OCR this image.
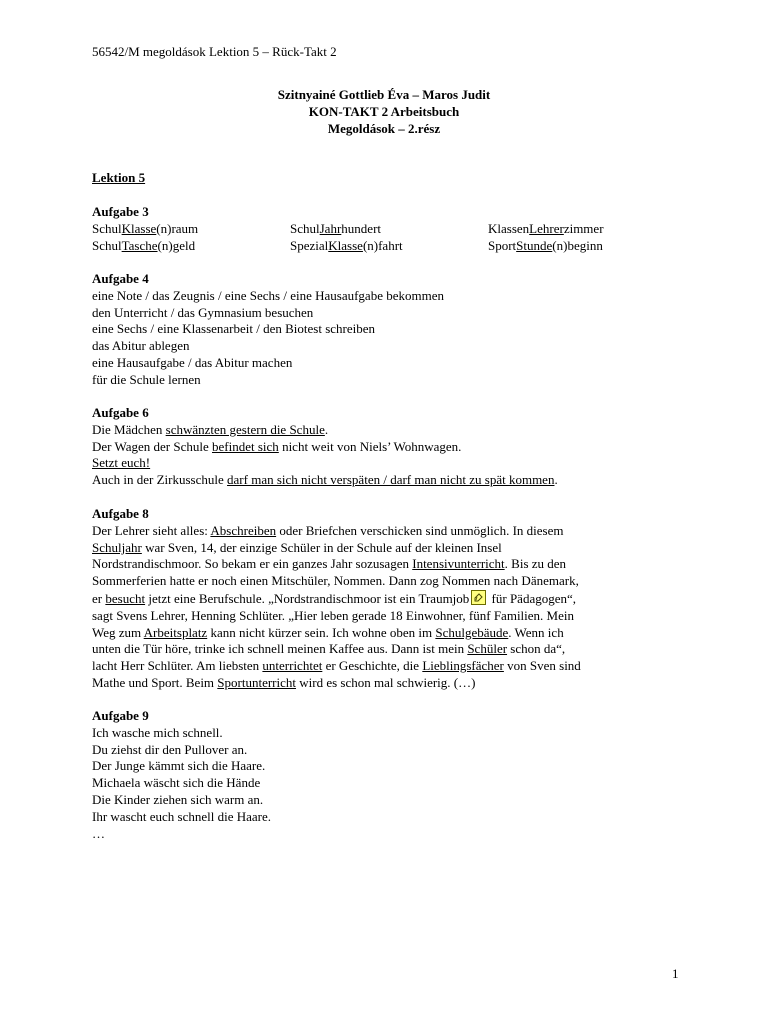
56542/M megoldások Lektion 5 – Rück-Takt 2
Szitnyainé Gottlieb Éva – Maros Judit
KON-TAKT 2 Arbeitsbuch
Megoldások – 2.rész
Lektion 5
Aufgabe 3
SchulKlasse(n)raum	SchulJahrhundert	KlassenLehrerzimmer
SchulTasche(n)geld	SpezialKlasse(n)fahrt	SportStunde(n)beginn
Aufgabe 4

eine Note / das Zeugnis / eine Sechs / eine Hausaufgabe bekommen

den Unterricht / das Gymnasium besuchen

eine Sechs / eine Klassenarbeit / den Biotest schreiben

das Abitur ablegen

eine Hausaufgabe / das Abitur machen

für die Schule lernen

Aufgabe 6

Die Mädchen schwänzten gestern die Schule.

Der Wagen der Schule befindet sich nicht weit von Niels’ Wohnwagen.

Setzt euch!

Auch in der Zirkusschule darf man sich nicht verspäten / darf man nicht zu spät kommen.

Aufgabe 8

Der Lehrer sieht alles: Abschreiben oder Briefchen verschicken sind unmöglich. In diesem

Schuljahr war Sven, 14, der einzige Schüler in der Schule auf der kleinen Insel

Nordstrandischmoor. So bekam er ein ganzes Jahr sozusagen Intensivunterricht. Bis zu den

Sommerferien hatte er noch einen Mitschüler, Nommen. Dann zog Nommen nach Dänemark,

er besucht jetzt eine Berufschule. „Nordstrandischmoor ist ein Traumjob
für Pädagogen“,

sagt Svens Lehrer, Henning Schlüter. „Hier leben gerade 18 Einwohner, fünf Familien. Mein

Weg zum Arbeitsplatz kann nicht kürzer sein. Ich wohne oben im Schulgebäude. Wenn ich

unten die Tür höre, trinke ich schnell meinen Kaffee aus. Dann ist mein Schüler schon da“,

lacht Herr Schlüter. Am liebsten unterrichtet er Geschichte, die Lieblingsfächer von Sven sind

Mathe und Sport. Beim Sportunterricht wird es schon mal schwierig. (…)

Aufgabe 9

Ich wasche mich schnell.

Du ziehst dir den Pullover an.

Der Junge kämmt sich die Haare.

Michaela wäscht sich die Hände

Die Kinder ziehen sich warm an.

Ihr wascht euch schnell die Haare.

…

1
